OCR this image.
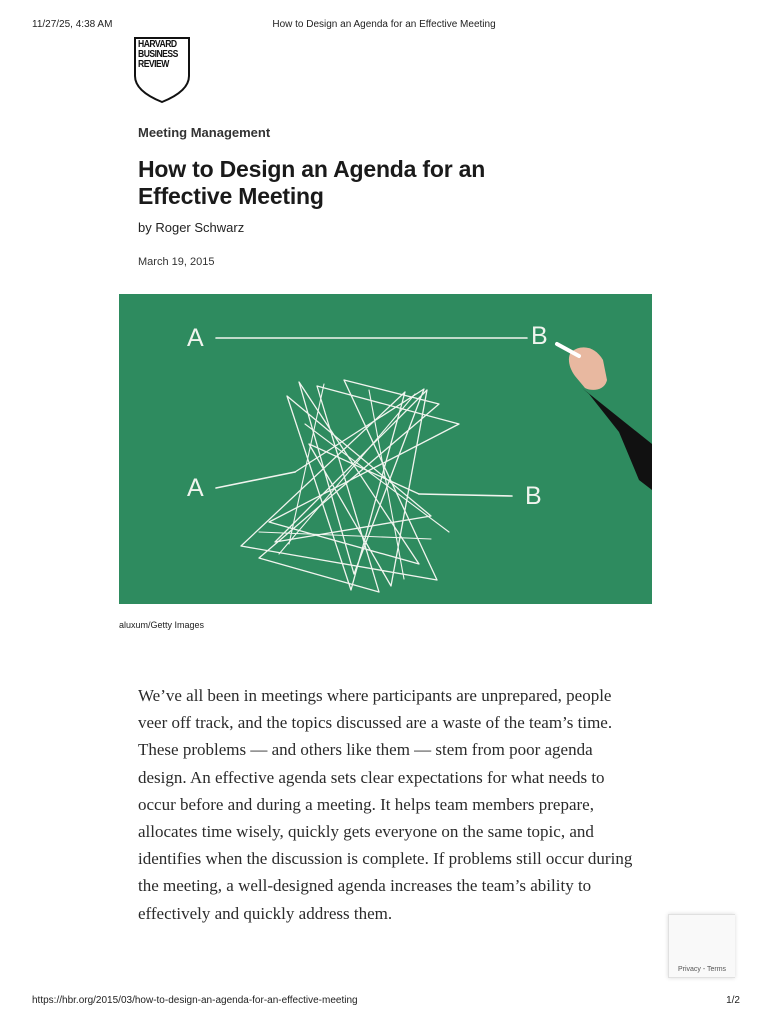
11/27/25, 4:38 AM	How to Design an Agenda for an Effective Meeting
HARVARD
BUSINESS
REVIEW
Meeting Management
How to Design an Agenda for an Effective Meeting
by Roger Schwarz
March 19, 2015
A	B
A	B
aluxum/Getty Images

We’ve all been in meetings where participants are unprepared, people veer off track, and the topics discussed are a waste of the team’s time. These problems — and others like them — stem from poor agenda design. An effective agenda sets clear expectations for what needs to occur before and during a meeting. It helps team members prepare, allocates time wisely, quickly gets everyone on the same topic, and identifies when the discussion is complete. If problems still occur during the meeting, a well-designed agenda increases the team’s ability to effectively and quickly address them.

Privacy - Terms
https://hbr.org/2015/03/how-to-design-an-agenda-for-an-effective-meeting	1/2
